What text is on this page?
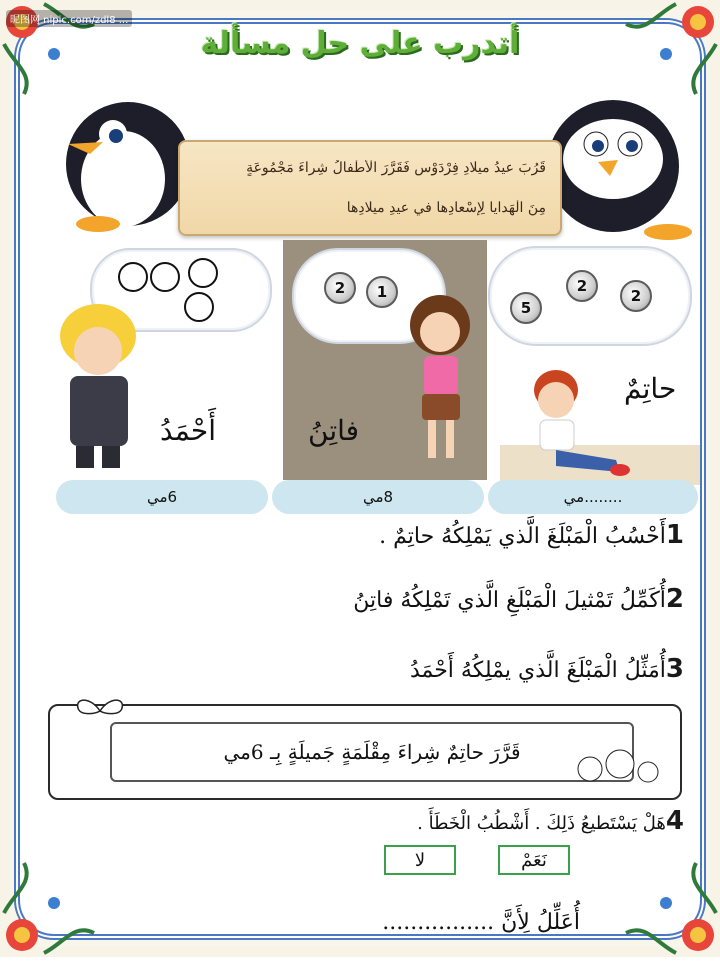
昵图网 nipic.com/zdl8 ...
أتدرب على حل مسألة
قَرُبَ عيدُ ميلادِ فِرْدَوْس فَقَرَّرَ الْأَطْفالُ شِراءَ مَجْمُوعَةٍ
مِنَ الْهَدايا لِإِسْعادِها في عيدِ ميلادِها
أَحْمَدُ
2 1
فاتِنُ
5
2
2
حاتِمٌ
6مي	8مي	........مي
1أَحْسُبُ الْمَبْلَغَ الَّذي يَمْلِكُهُ حاتِمٌ .
2أُكَمِّلُ تَمْثيلَ الْمَبْلَغِ الَّذي تَمْلِكُهُ فاتِنُ
3أُمَثِّلُ الْمَبْلَغَ الَّذي يمْلِكُهُ أَحْمَدُ
قَرَّرَ حاتِمٌ شِراءَ مِقْلَمَةٍ جَميلَةٍ بِـ 6مي
4هَلْ يَسْتَطيعُ ذَلِكَ . أَشْطُبُ الْخَطَأَ .
نَعَمْ
لا
أُعَلِّلُ لِأَنَّ ................
